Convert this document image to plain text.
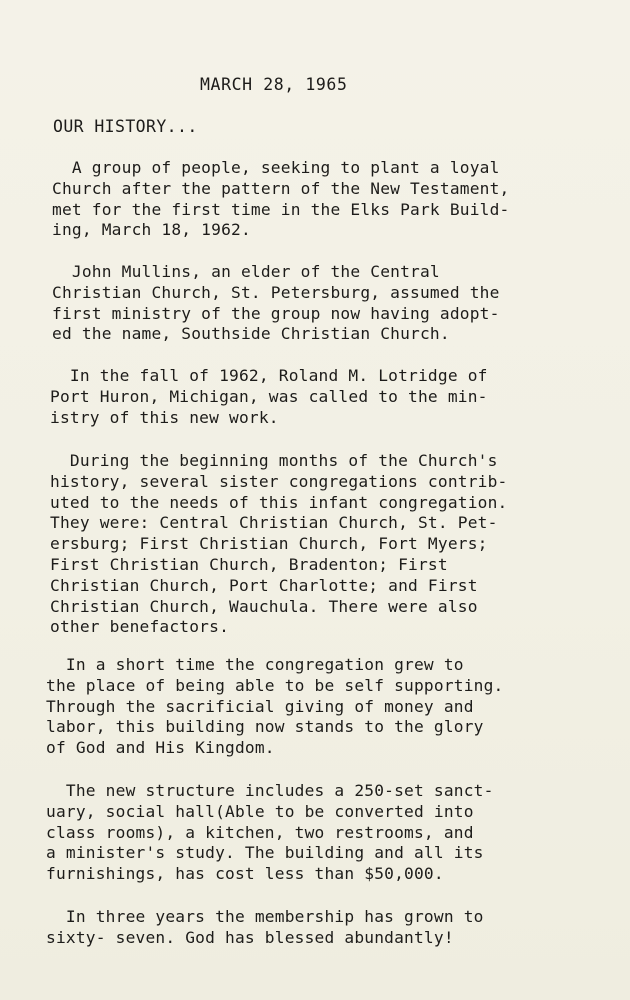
MARCH 28, 1965
OUR HISTORY...
A group of people, seeking to plant a loyal
Church after the pattern of the New Testament,
met for the first time in the Elks Park Build-
ing, March 18, 1962.
John Mullins, an elder of the Central
Christian Church, St. Petersburg, assumed the
first ministry of the group now having adopt-
ed the name, Southside Christian Church.
In the fall of 1962, Roland M. Lotridge of
Port Huron, Michigan, was called to the min-
istry of this new work.
During the beginning months of the Church's
history, several sister congregations contrib-
uted to the needs of this infant congregation.
They were: Central Christian Church, St. Pet-
ersburg; First Christian Church, Fort Myers;
First Christian Church, Bradenton; First
Christian Church, Port Charlotte; and First
Christian Church, Wauchula. There were also
other benefactors.
In a short time the congregation grew to
the place of being able to be self supporting.
Through the sacrificial giving of money and
labor, this building now stands to the glory
of God and His Kingdom.
The new structure includes a 250-set sanct-
uary, social hall(Able to be converted into
class rooms), a kitchen, two restrooms, and
a minister's study. The building and all its
furnishings, has cost less than $50,000.
In three years the membership has grown to
sixty- seven. God has blessed abundantly!
